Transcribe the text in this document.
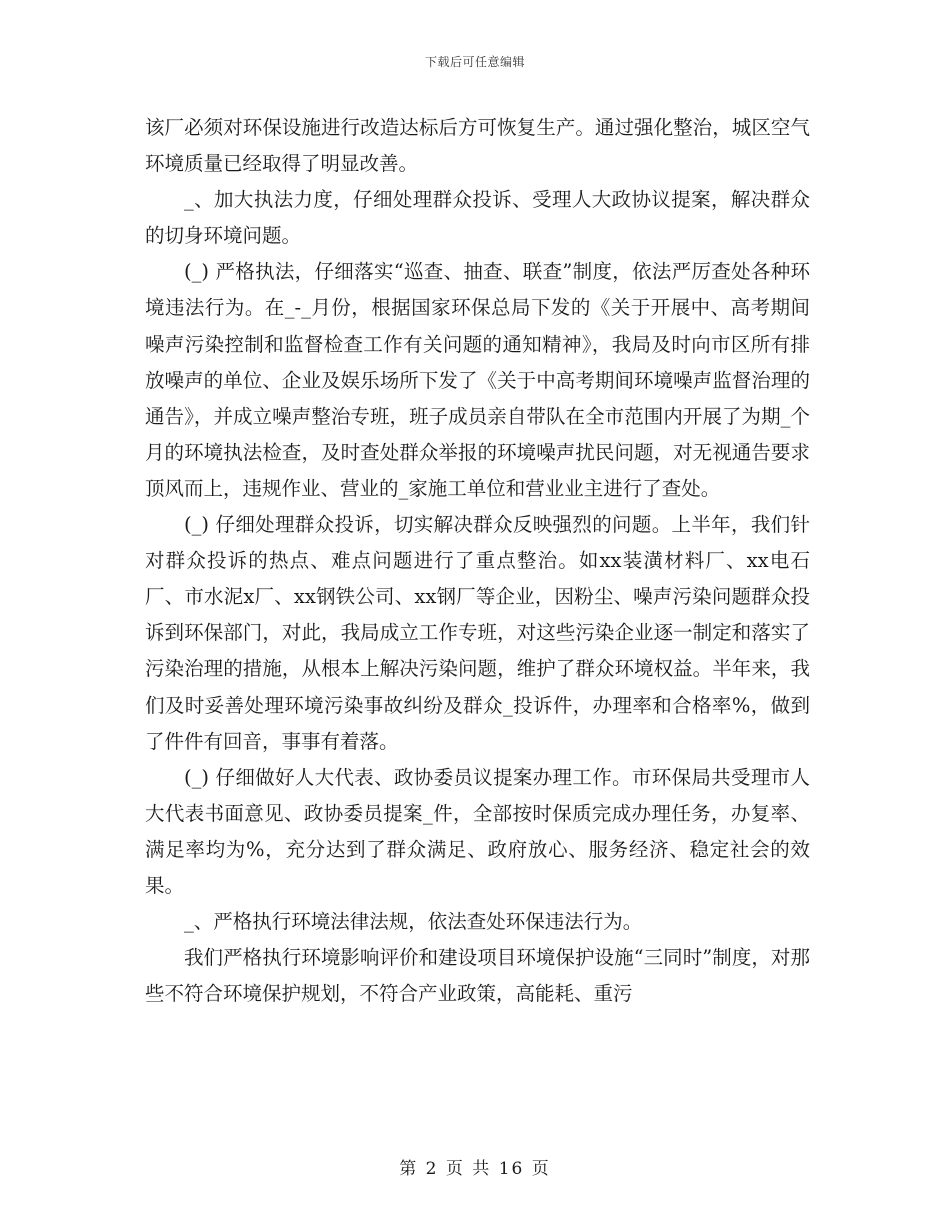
下载后可任意编辑

该厂必须对环保设施进行改造达标后方可恢复生产。通过强化整治，城区空气环境质量已经取得了明显改善。

_、加大执法力度，仔细处理群众投诉、受理人大政协议提案，解决群众的切身环境问题。

(_) 严格执法，仔细落实“巡查、抽查、联查”制度，依法严厉查处各种环境违法行为。在_-_月份，根据国家环保总局下发的《关于开展中、高考期间噪声污染控制和监督检查工作有关问题的通知精神》，我局及时向市区所有排放噪声的单位、企业及娱乐场所下发了《关于中高考期间环境噪声监督治理的通告》，并成立噪声整治专班，班子成员亲自带队在全市范围内开展了为期_个月的环境执法检查，及时查处群众举报的环境噪声扰民问题，对无视通告要求顶风而上，违规作业、营业的_家施工单位和营业业主进行了查处。

(_) 仔细处理群众投诉，切实解决群众反映强烈的问题。上半年，我们针对群众投诉的热点、难点问题进行了重点整治。如xx装潢材料厂、xx电石厂、市水泥x厂、xx钢铁公司、xx钢厂等企业，因粉尘、噪声污染问题群众投诉到环保部门，对此，我局成立工作专班，对这些污染企业逐一制定和落实了污染治理的措施，从根本上解决污染问题，维护了群众环境权益。半年来，我们及时妥善处理环境污染事故纠纷及群众_投诉件，办理率和合格率%，做到了件件有回音，事事有着落。

(_) 仔细做好人大代表、政协委员议提案办理工作。市环保局共受理市人大代表书面意见、政协委员提案_件，全部按时保质完成办理任务，办复率、满足率均为%，充分达到了群众满足、政府放心、服务经济、稳定社会的效果。

_、严格执行环境法律法规，依法查处环保违法行为。

我们严格执行环境影响评价和建设项目环境保护设施“三同时”制度，对那些不符合环境保护规划，不符合产业政策，高能耗、重污

第 2 页 共 16 页
